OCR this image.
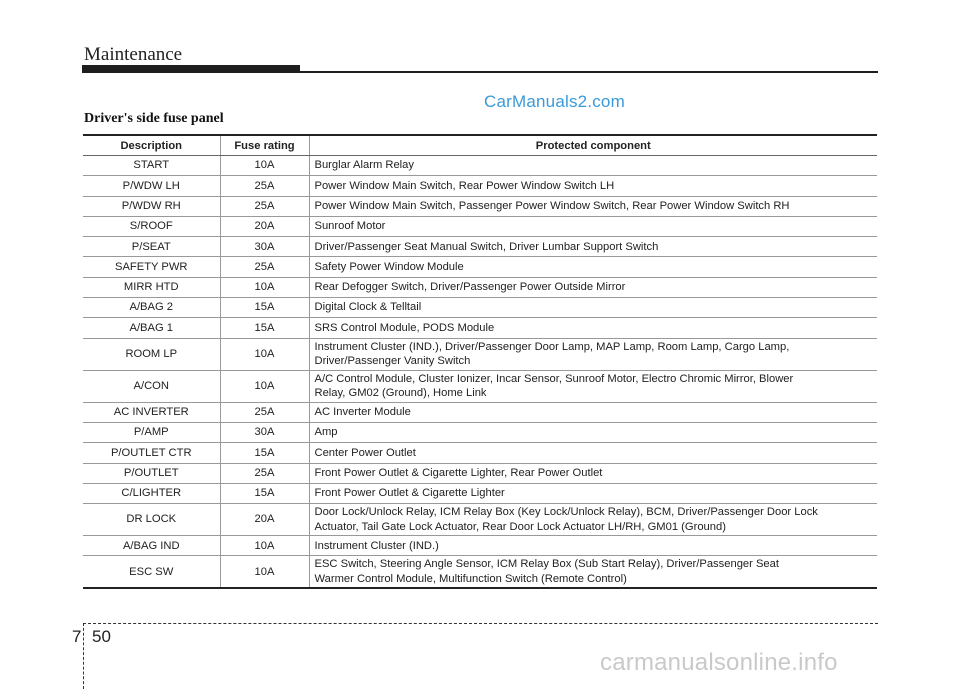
Maintenance
CarManuals2.com
Driver's side fuse panel
Description	Fuse rating	Protected component
START	10A	Burglar Alarm Relay
P/WDW LH	25A	Power Window Main Switch, Rear Power Window Switch LH
P/WDW RH	25A	Power Window Main Switch, Passenger Power Window Switch, Rear Power Window Switch RH
S/ROOF	20A	Sunroof Motor
P/SEAT	30A	Driver/Passenger Seat Manual Switch, Driver Lumbar Support Switch
SAFETY PWR	25A	Safety Power Window Module
MIRR HTD	10A	Rear Defogger Switch, Driver/Passenger Power Outside Mirror
A/BAG 2	15A	Digital Clock & Telltail
A/BAG 1	15A	SRS Control Module, PODS Module
ROOM LP	10A	Instrument Cluster (IND.), Driver/Passenger Door Lamp, MAP Lamp, Room Lamp, Cargo Lamp,
Driver/Passenger Vanity Switch

A/CON	10A	A/C Control Module, Cluster Ionizer, Incar Sensor, Sunroof Motor, Electro Chromic Mirror, Blower
Relay, GM02 (Ground), Home Link

AC INVERTER	25A	AC Inverter Module
P/AMP	30A	Amp
P/OUTLET CTR	15A	Center Power Outlet
P/OUTLET	25A	Front Power Outlet & Cigarette Lighter, Rear Power Outlet
C/LIGHTER	15A	Front Power Outlet & Cigarette Lighter
DR LOCK	20A	Door Lock/Unlock Relay, ICM Relay Box (Key Lock/Unlock Relay), BCM, Driver/Passenger Door Lock
Actuator, Tail Gate Lock Actuator, Rear Door Lock Actuator LH/RH, GM01 (Ground)

A/BAG IND	10A	Instrument Cluster (IND.)
ESC SW	10A	ESC Switch, Steering Angle Sensor, ICM Relay Box (Sub Start Relay), Driver/Passenger Seat
Warmer Control Module, Multifunction Switch (Remote Control)
7 50
carmanualsonline.info
